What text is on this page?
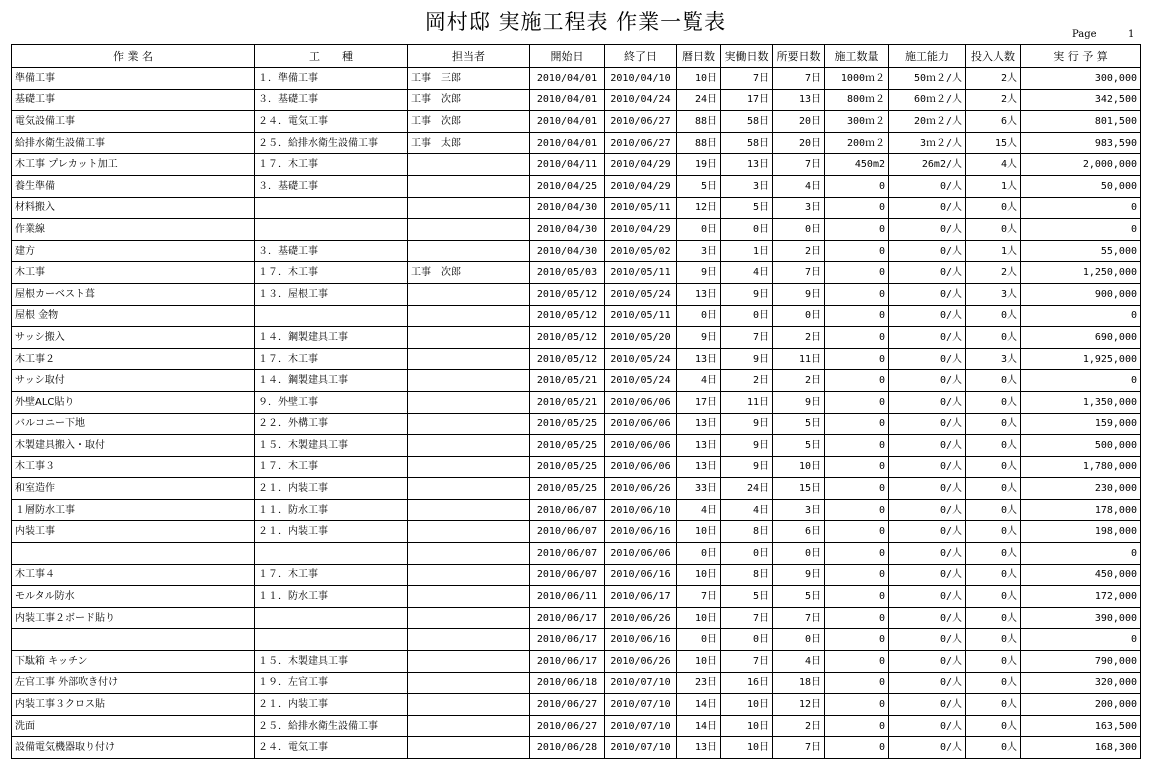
岡村邸 実施工程表 作業一覧表
Page	1
作 業 名	工　　種	担当者	開始日	終了日	暦日数	実働日数	所要日数	施工数量	施工能力	投入人数	実 行 予 算
準備工事	１．準備工事	工事　三郎	2010/04/01	2010/04/10	10日	7日	7日	1000ｍ２	50ｍ２/人	2人	300,000
基礎工事	３．基礎工事	工事　次郎	2010/04/01	2010/04/24	24日	17日	13日	800ｍ２	60ｍ２/人	2人	342,500
電気設備工事	２４．電気工事	工事　次郎	2010/04/01	2010/06/27	88日	58日	20日	300ｍ２	20ｍ２/人	6人	801,500
給排水衛生設備工事	２５．給排水衛生設備工事	工事　太郎	2010/04/01	2010/06/27	88日	58日	20日	200ｍ２	3ｍ２/人	15人	983,590
木工事 プレカット加工	１７．木工事		2010/04/11	2010/04/29	19日	13日	7日	450m2	26m2/人	4人	2,000,000
養生準備	３．基礎工事		2010/04/25	2010/04/29	5日	3日	4日	0	0/人	1人	50,000
材料搬入			2010/04/30	2010/05/11	12日	5日	3日	0	0/人	0人	0
作業線			2010/04/30	2010/04/29	0日	0日	0日	0	0/人	0人	0
建方	３．基礎工事		2010/04/30	2010/05/02	3日	1日	2日	0	0/人	1人	55,000
木工事	１７．木工事	工事　次郎	2010/05/03	2010/05/11	9日	4日	7日	0	0/人	2人	1,250,000
屋根カーベスト葺	１３．屋根工事		2010/05/12	2010/05/24	13日	9日	9日	0	0/人	3人	900,000
屋根 金物			2010/05/12	2010/05/11	0日	0日	0日	0	0/人	0人	0
サッシ搬入	１４．鋼製建具工事		2010/05/12	2010/05/20	9日	7日	2日	0	0/人	0人	690,000
木工事２	１７．木工事		2010/05/12	2010/05/24	13日	9日	11日	0	0/人	3人	1,925,000
サッシ取付	１４．鋼製建具工事		2010/05/21	2010/05/24	4日	2日	2日	0	0/人	0人	0
外壁ALC貼り	９．外壁工事		2010/05/21	2010/06/06	17日	11日	9日	0	0/人	0人	1,350,000
バルコニー下地	２２．外構工事		2010/05/25	2010/06/06	13日	9日	5日	0	0/人	0人	159,000
木製建具搬入・取付	１５．木製建具工事		2010/05/25	2010/06/06	13日	9日	5日	0	0/人	0人	500,000
木工事３	１７．木工事		2010/05/25	2010/06/06	13日	9日	10日	0	0/人	0人	1,780,000
和室造作	２１．内装工事		2010/05/25	2010/06/26	33日	24日	15日	0	0/人	0人	230,000
１層防水工事	１１．防水工事		2010/06/07	2010/06/10	4日	4日	3日	0	0/人	0人	178,000
内装工事	２１．内装工事		2010/06/07	2010/06/16	10日	8日	6日	0	0/人	0人	198,000
			2010/06/07	2010/06/06	0日	0日	0日	0	0/人	0人	0
木工事４	１７．木工事		2010/06/07	2010/06/16	10日	8日	9日	0	0/人	0人	450,000
モルタル防水	１１．防水工事		2010/06/11	2010/06/17	7日	5日	5日	0	0/人	0人	172,000
内装工事２ボード貼り			2010/06/17	2010/06/26	10日	7日	7日	0	0/人	0人	390,000
			2010/06/17	2010/06/16	0日	0日	0日	0	0/人	0人	0
下駄箱 キッチン	１５．木製建具工事		2010/06/17	2010/06/26	10日	7日	4日	0	0/人	0人	790,000
左官工事 外部吹き付け	１９．左官工事		2010/06/18	2010/07/10	23日	16日	18日	0	0/人	0人	320,000
内装工事３クロス貼	２１．内装工事		2010/06/27	2010/07/10	14日	10日	12日	0	0/人	0人	200,000
洗面	２５．給排水衛生設備工事		2010/06/27	2010/07/10	14日	10日	2日	0	0/人	0人	163,500
設備電気機器取り付け	２４．電気工事		2010/06/28	2010/07/10	13日	10日	7日	0	0/人	0人	168,300
